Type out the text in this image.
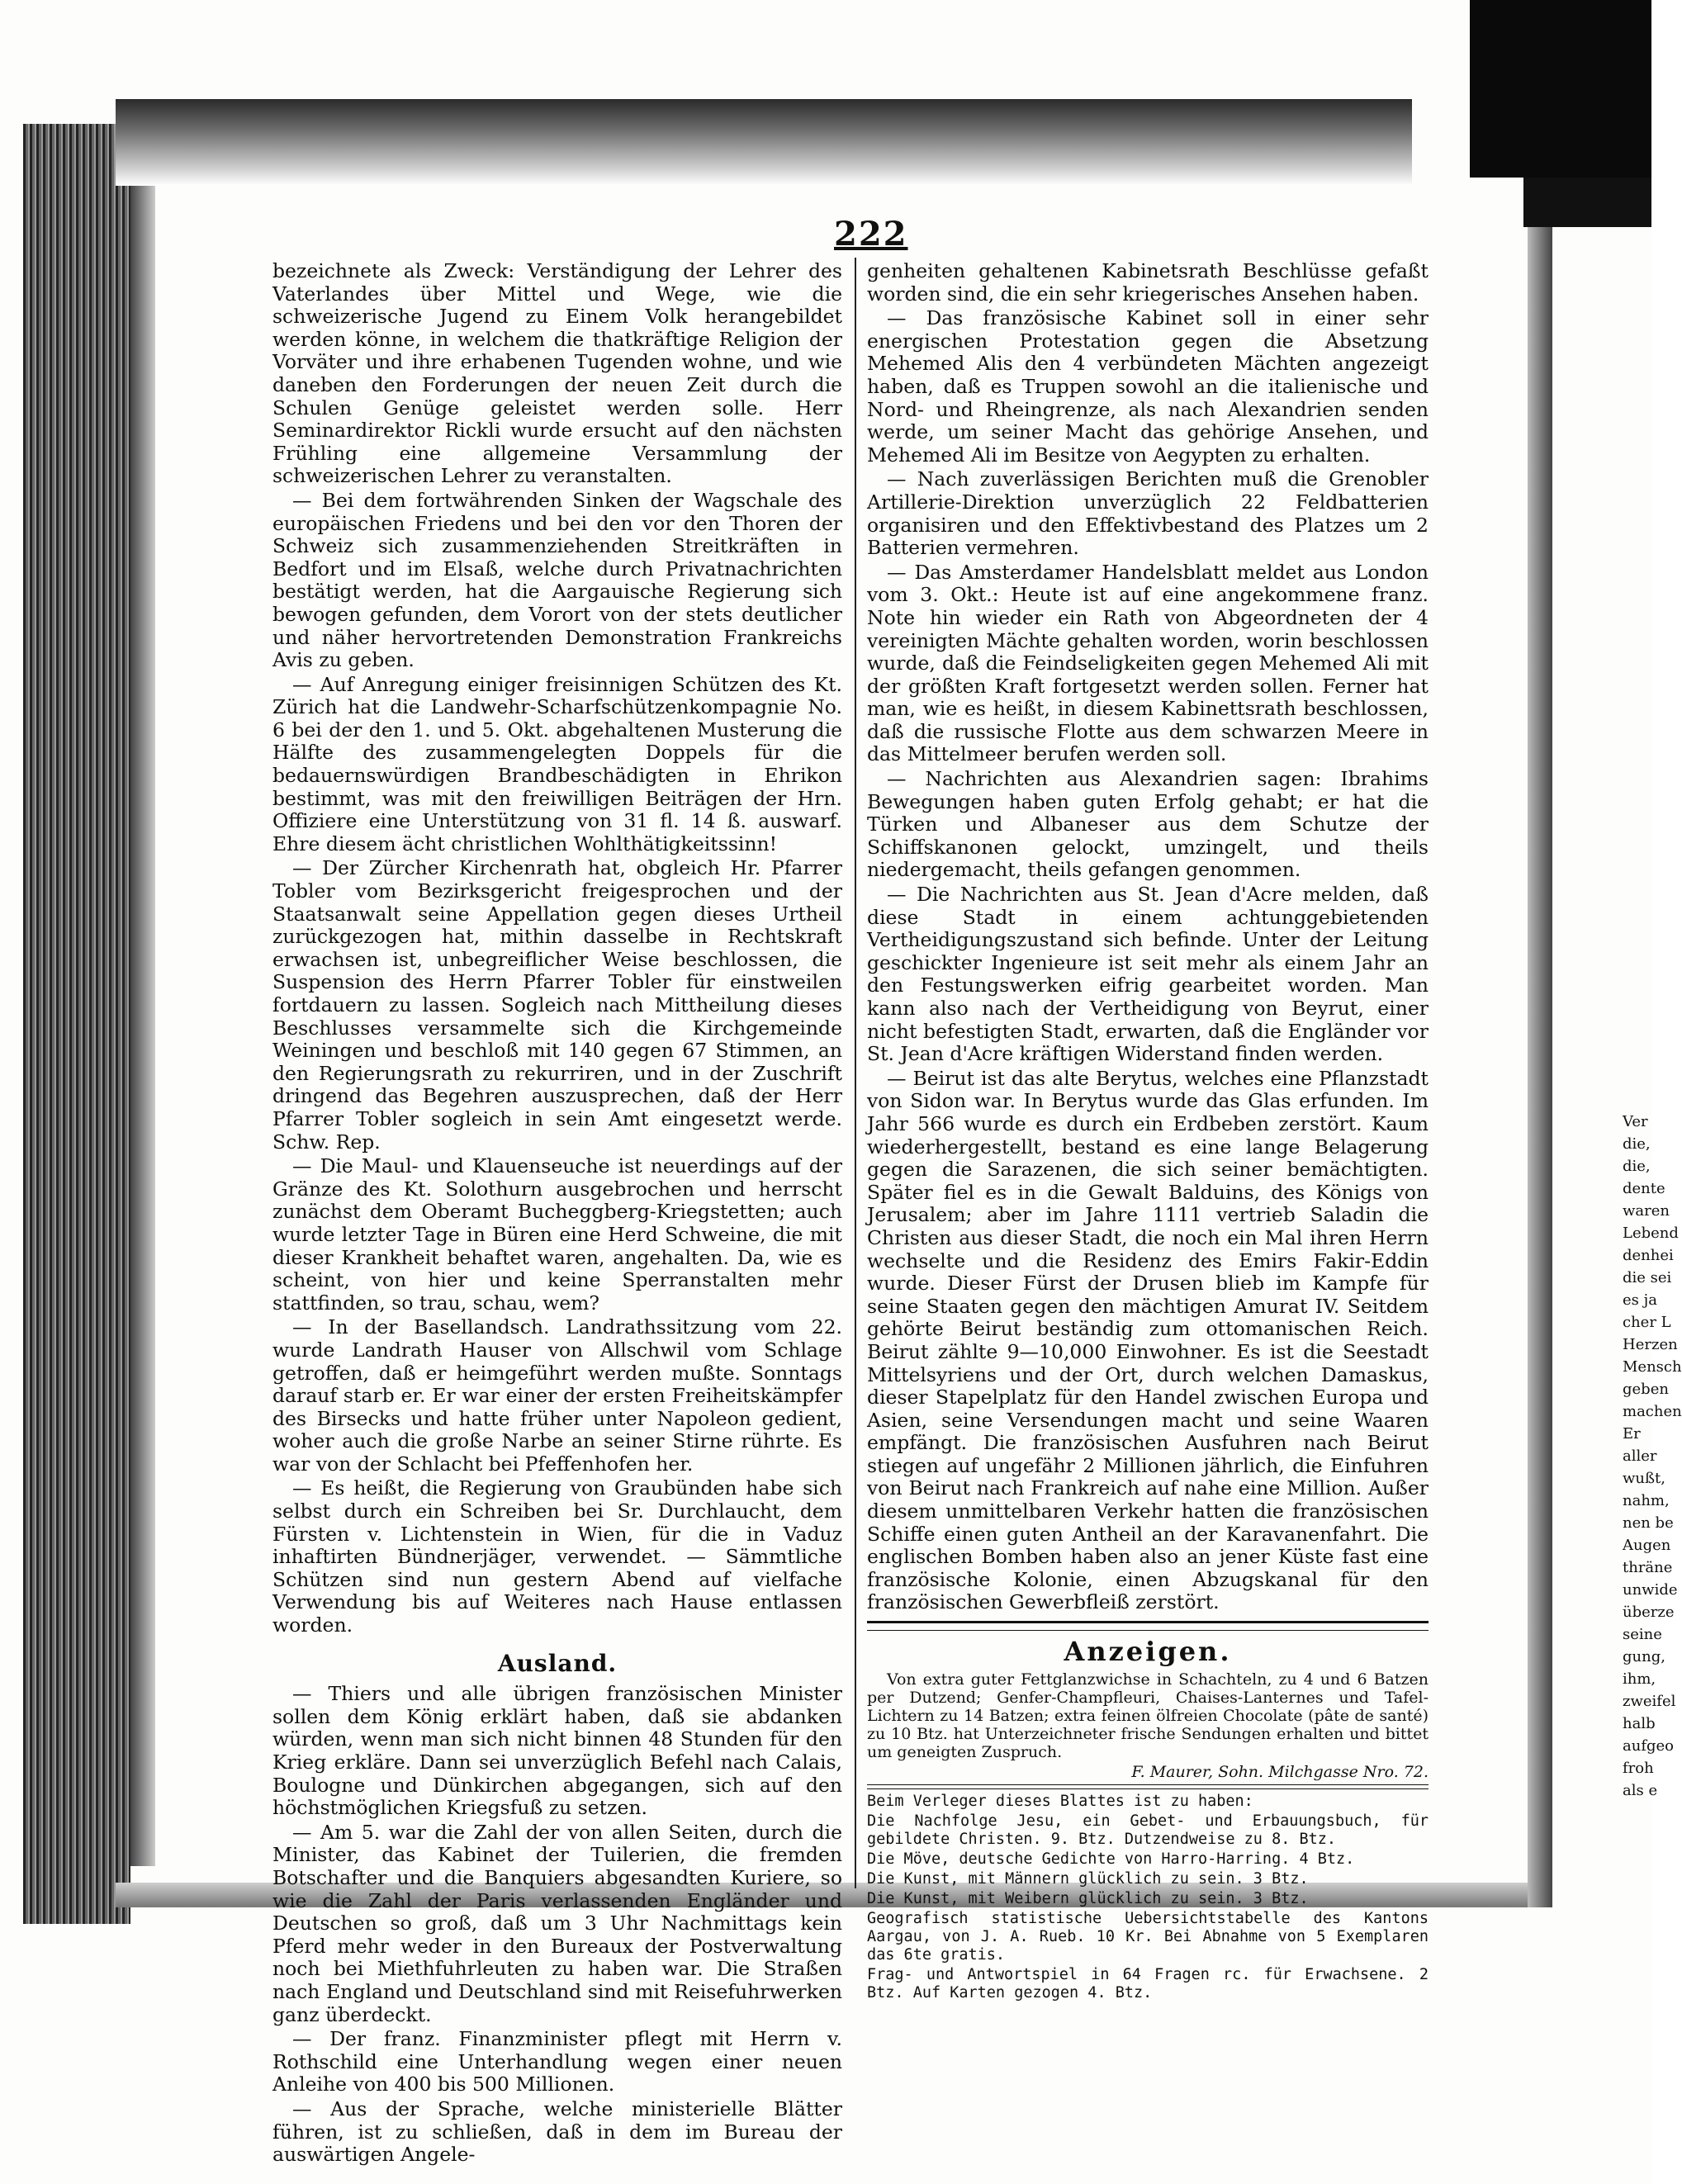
222

bezeichnete als Zweck: Verständigung der Lehrer des Vaterlandes über Mittel und Wege, wie die schweizerische Jugend zu Einem Volk herangebildet werden könne, in welchem die thatkräftige Religion der Vorväter und ihre erhabenen Tugenden wohne, und wie daneben den Forderungen der neuen Zeit durch die Schulen Genüge geleistet werden solle. Herr Seminardirektor Rickli wurde ersucht auf den nächsten Frühling eine allgemeine Versammlung der schweizerischen Lehrer zu veranstalten.

— Bei dem fortwährenden Sinken der Wagschale des europäischen Friedens und bei den vor den Thoren der Schweiz sich zusammenziehenden Streitkräften in Bedfort und im Elsaß, welche durch Privatnachrichten bestätigt werden, hat die Aargauische Regierung sich bewogen gefunden, dem Vorort von der stets deutlicher und näher hervortretenden Demonstration Frankreichs Avis zu geben.

— Auf Anregung einiger freisinnigen Schützen des Kt. Zürich hat die Landwehr-Scharfschützenkompagnie No. 6 bei der den 1. und 5. Okt. abgehaltenen Musterung die Hälfte des zusammengelegten Doppels für die bedauernswürdigen Brandbeschädigten in Ehrikon bestimmt, was mit den freiwilligen Beiträgen der Hrn. Offiziere eine Unterstützung von 31 fl. 14 ß. auswarf. Ehre diesem ächt christlichen Wohlthätigkeitssinn!

— Der Zürcher Kirchenrath hat, obgleich Hr. Pfarrer Tobler vom Bezirksgericht freigesprochen und der Staatsanwalt seine Appellation gegen dieses Urtheil zurückgezogen hat, mithin dasselbe in Rechtskraft erwachsen ist, unbegreiflicher Weise beschlossen, die Suspension des Herrn Pfarrer Tobler für einstweilen fortdauern zu lassen. Sogleich nach Mittheilung dieses Beschlusses versammelte sich die Kirchgemeinde Weiningen und beschloß mit 140 gegen 67 Stimmen, an den Regierungsrath zu rekurriren, und in der Zuschrift dringend das Begehren auszusprechen, daß der Herr Pfarrer Tobler sogleich in sein Amt eingesetzt werde. Schw. Rep.

— Die Maul- und Klauenseuche ist neuerdings auf der Gränze des Kt. Solothurn ausgebrochen und herrscht zunächst dem Oberamt Bucheggberg-Kriegstetten; auch wurde letzter Tage in Büren eine Herd Schweine, die mit dieser Krankheit behaftet waren, angehalten. Da, wie es scheint, von hier und keine Sperranstalten mehr stattfinden, so trau, schau, wem?

— In der Basellandsch. Landrathssitzung vom 22. wurde Landrath Hauser von Allschwil vom Schlage getroffen, daß er heimgeführt werden mußte. Sonntags darauf starb er. Er war einer der ersten Freiheitskämpfer des Birsecks und hatte früher unter Napoleon gedient, woher auch die große Narbe an seiner Stirne rührte. Es war von der Schlacht bei Pfeffenhofen her.

— Es heißt, die Regierung von Graubünden habe sich selbst durch ein Schreiben bei Sr. Durchlaucht, dem Fürsten v. Lichtenstein in Wien, für die in Vaduz inhaftirten Bündnerjäger, verwendet. — Sämmtliche Schützen sind nun gestern Abend auf vielfache Verwendung bis auf Weiteres nach Hause entlassen worden.

Ausland.

— Thiers und alle übrigen französischen Minister sollen dem König erklärt haben, daß sie abdanken würden, wenn man sich nicht binnen 48 Stunden für den Krieg erkläre. Dann sei unverzüglich Befehl nach Calais, Boulogne und Dünkirchen abgegangen, sich auf den höchstmöglichen Kriegsfuß zu setzen.

— Am 5. war die Zahl der von allen Seiten, durch die Minister, das Kabinet der Tuilerien, die fremden Botschafter und die Banquiers abgesandten Kuriere, so wie die Zahl der Paris verlassenden Engländer und Deutschen so groß, daß um 3 Uhr Nachmittags kein Pferd mehr weder in den Bureaux der Postverwaltung noch bei Miethfuhrleuten zu haben war. Die Straßen nach England und Deutschland sind mit Reisefuhrwerken ganz überdeckt.

— Der franz. Finanzminister pflegt mit Herrn v. Rothschild eine Unterhandlung wegen einer neuen Anleihe von 400 bis 500 Millionen.

— Aus der Sprache, welche ministerielle Blätter führen, ist zu schließen, daß in dem im Bureau der auswärtigen Angele-

genheiten gehaltenen Kabinetsrath Beschlüsse gefaßt worden sind, die ein sehr kriegerisches Ansehen haben.

— Das französische Kabinet soll in einer sehr energischen Protestation gegen die Absetzung Mehemed Alis den 4 verbündeten Mächten angezeigt haben, daß es Truppen sowohl an die italienische und Nord- und Rheingrenze, als nach Alexandrien senden werde, um seiner Macht das gehörige Ansehen, und Mehemed Ali im Besitze von Aegypten zu erhalten.

— Nach zuverlässigen Berichten muß die Grenobler Artillerie-Direktion unverzüglich 22 Feldbatterien organisiren und den Effektivbestand des Platzes um 2 Batterien vermehren.

— Das Amsterdamer Handelsblatt meldet aus London vom 3. Okt.: Heute ist auf eine angekommene franz. Note hin wieder ein Rath von Abgeordneten der 4 vereinigten Mächte gehalten worden, worin beschlossen wurde, daß die Feindseligkeiten gegen Mehemed Ali mit der größten Kraft fortgesetzt werden sollen. Ferner hat man, wie es heißt, in diesem Kabinettsrath beschlossen, daß die russische Flotte aus dem schwarzen Meere in das Mittelmeer berufen werden soll.

— Nachrichten aus Alexandrien sagen: Ibrahims Bewegungen haben guten Erfolg gehabt; er hat die Türken und Albaneser aus dem Schutze der Schiffskanonen gelockt, umzingelt, und theils niedergemacht, theils gefangen genommen.

— Die Nachrichten aus St. Jean d'Acre melden, daß diese Stadt in einem achtunggebietenden Vertheidigungszustand sich befinde. Unter der Leitung geschickter Ingenieure ist seit mehr als einem Jahr an den Festungswerken eifrig gearbeitet worden. Man kann also nach der Vertheidigung von Beyrut, einer nicht befestigten Stadt, erwarten, daß die Engländer vor St. Jean d'Acre kräftigen Widerstand finden werden.

— Beirut ist das alte Berytus, welches eine Pflanzstadt von Sidon war. In Berytus wurde das Glas erfunden. Im Jahr 566 wurde es durch ein Erdbeben zerstört. Kaum wiederhergestellt, bestand es eine lange Belagerung gegen die Sarazenen, die sich seiner bemächtigten. Später fiel es in die Gewalt Balduins, des Königs von Jerusalem; aber im Jahre 1111 vertrieb Saladin die Christen aus dieser Stadt, die noch ein Mal ihren Herrn wechselte und die Residenz des Emirs Fakir-Eddin wurde. Dieser Fürst der Drusen blieb im Kampfe für seine Staaten gegen den mächtigen Amurat IV. Seitdem gehörte Beirut beständig zum ottomanischen Reich. Beirut zählte 9—10,000 Einwohner. Es ist die Seestadt Mittelsyriens und der Ort, durch welchen Damaskus, dieser Stapelplatz für den Handel zwischen Europa und Asien, seine Versendungen macht und seine Waaren empfängt. Die französischen Ausfuhren nach Beirut stiegen auf ungefähr 2 Millionen jährlich, die Einfuhren von Beirut nach Frankreich auf nahe eine Million. Außer diesem unmittelbaren Verkehr hatten die französischen Schiffe einen guten Antheil an der Karavanenfahrt. Die englischen Bomben haben also an jener Küste fast eine französische Kolonie, einen Abzugskanal für den französischen Gewerbfleiß zerstört.

Anzeigen.

Von extra guter Fettglanzwichse in Schachteln, zu 4 und 6 Batzen per Dutzend; Genfer-Champfleuri, Chaises-Lanternes und Tafel-Lichtern zu 14 Batzen; extra feinen ölfreien Chocolate (pâte de santé) zu 10 Btz. hat Unterzeichneter frische Sendungen erhalten und bittet um geneigten Zuspruch.

F. Maurer, Sohn. Milchgasse Nro. 72.

Beim Verleger dieses Blattes ist zu haben:

Die Nachfolge Jesu, ein Gebet- und Erbauungsbuch, für gebildete Christen. 9. Btz. Dutzendweise zu 8. Btz.

Die Möve, deutsche Gedichte von Harro-Harring. 4 Btz.

Die Kunst, mit Männern glücklich zu sein. 3 Btz.

Die Kunst, mit Weibern glücklich zu sein. 3 Btz.

Geografisch statistische Uebersichtstabelle des Kantons Aargau, von J. A. Rueb. 10 Kr. Bei Abnahme von 5 Exemplaren das 6te gratis.

Frag- und Antwortspiel in 64 Fragen rc. für Erwachsene. 2 Btz. Auf Karten gezogen 4. Btz.

Ver
die,
die,
dente
waren
Lebend
denhei
die sei
es ja
cher L
Herzen
Mensch
geben
machen
Er
aller
wußt,
nahm,
nen be
Augen
thräne
unwide
überze
seine
gung,
ihm,
zweifel
halb
aufgeo
froh
als e
